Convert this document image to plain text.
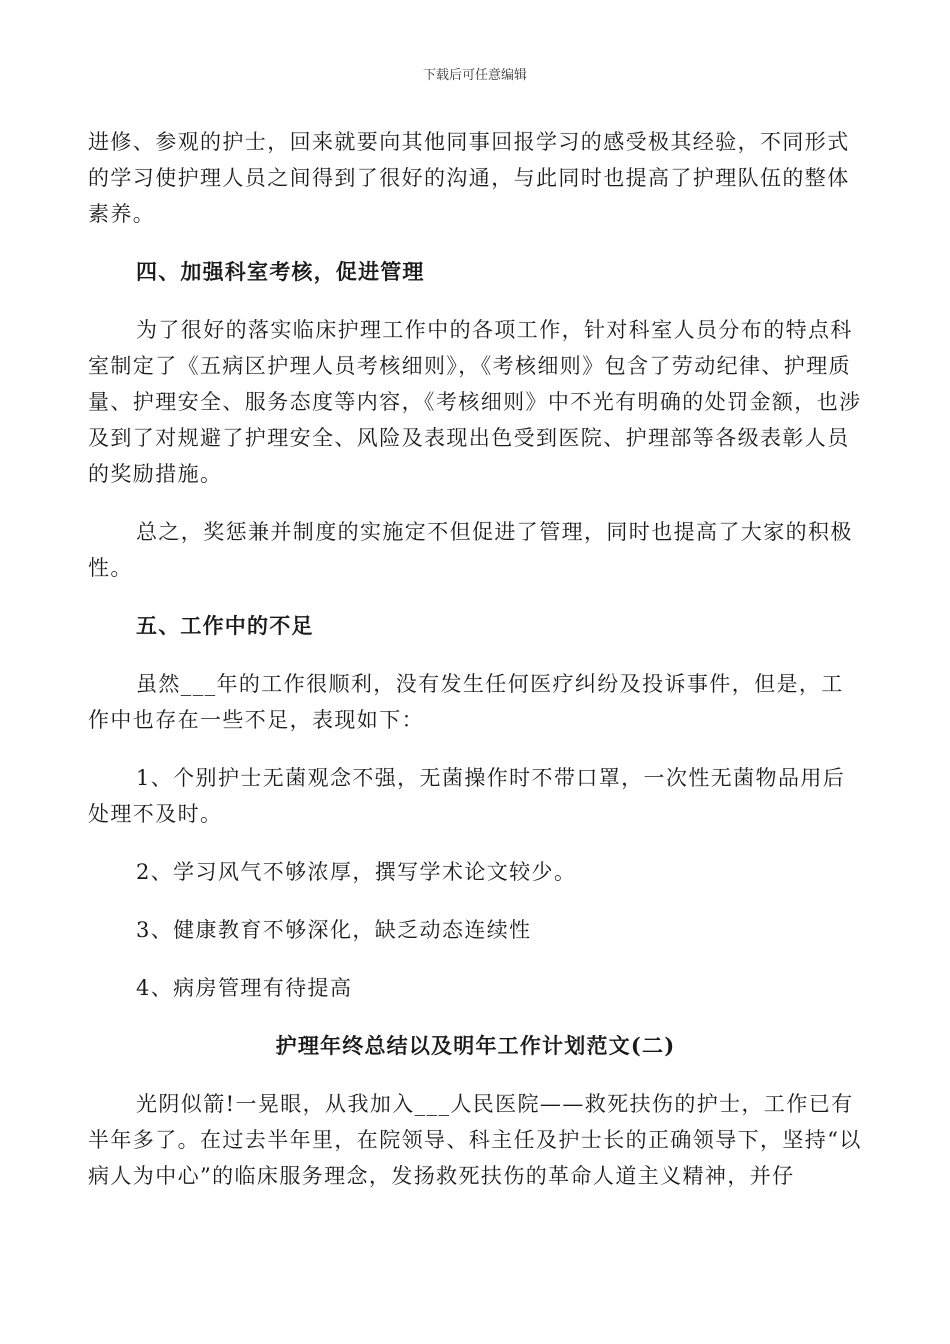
下载后可任意编辑

进修、参观的护士，回来就要向其他同事回报学习的感受极其经验，不同形式的学习使护理人员之间得到了很好的沟通，与此同时也提高了护理队伍的整体素养。

四、加强科室考核，促进管理

为了很好的落实临床护理工作中的各项工作，针对科室人员分布的特点科室制定了《五病区护理人员考核细则》，《考核细则》包含了劳动纪律、护理质量、护理安全、服务态度等内容，《考核细则》中不光有明确的处罚金额，也涉及到了对规避了护理安全、风险及表现出色受到医院、护理部等各级表彰人员的奖励措施。

总之，奖惩兼并制度的实施定不但促进了管理，同时也提高了大家的积极性。

五、工作中的不足

虽然___年的工作很顺利，没有发生任何医疗纠纷及投诉事件，但是，工作中也存在一些不足，表现如下：

1、个别护士无菌观念不强，无菌操作时不带口罩，一次性无菌物品用后处理不及时。

2、学习风气不够浓厚，撰写学术论文较少。

3、健康教育不够深化，缺乏动态连续性

4、病房管理有待提高

护理年终总结以及明年工作计划范文(二)

光阴似箭!一晃眼，从我加入___人民医院——救死扶伤的护士，工作已有半年多了。在过去半年里，在院领导、科主任及护士长的正确领导下，坚持“以病人为中心”的临床服务理念，发扬救死扶伤的革命人道主义精神，并仔
